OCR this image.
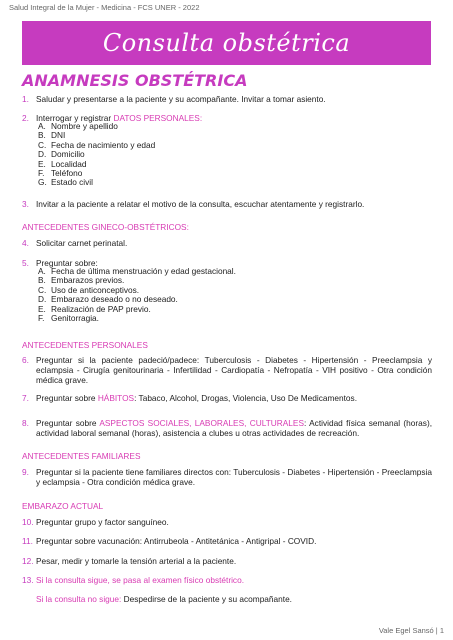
Salud Integral de la Mujer - Medicina - FCS UNER - 2022
Consulta obstétrica
ANAMNESIS OBSTÉTRICA
1. Saludar y presentarse a la paciente y su acompañante. Invitar a tomar asiento.
2. Interrogar y registrar DATOS PERSONALES:
A. Nombre y apellido
B. DNI
C. Fecha de nacimiento y edad
D. Domicilio
E. Localidad
F. Teléfono
G. Estado civil
3. Invitar a la paciente a relatar el motivo de la consulta, escuchar atentamente y registrarlo.
ANTECEDENTES GINECO-OBSTÉTRICOS:
4. Solicitar carnet perinatal.
5. Preguntar sobre:
A. Fecha de última menstruación y edad gestacional.
B. Embarazos previos.
C. Uso de anticonceptivos.
D. Embarazo deseado o no deseado.
E. Realización de PAP previo.
F. Genitorragia.
ANTECEDENTES PERSONALES
6. Preguntar si la paciente padeció/padece: Tuberculosis - Diabetes - Hipertensión - Preeclampsia y eclampsia - Cirugía genitourinaria - Infertilidad - Cardiopatía - Nefropatía - VIH positivo - Otra condición médica grave.
7. Preguntar sobre HÁBITOS: Tabaco, Alcohol, Drogas, Violencia, Uso De Medicamentos.
8. Preguntar sobre ASPECTOS SOCIALES, LABORALES, CULTURALES: Actividad física semanal (horas), actividad laboral semanal (horas), asistencia a clubes u otras actividades de recreación.
ANTECEDENTES FAMILIARES
9. Preguntar si la paciente tiene familiares directos con: Tuberculosis - Diabetes - Hipertensión - Preeclampsia y eclampsia - Otra condición médica grave.
EMBARAZO ACTUAL
10. Preguntar grupo y factor sanguíneo.
11. Preguntar sobre vacunación: Antirrubeola - Antitetánica - Antigripal - COVID.
12. Pesar, medir y tomarle la tensión arterial a la paciente.
13. Si la consulta sigue, se pasa al examen físico obstétrico.
Si la consulta no sigue: Despedirse de la paciente y su acompañante.
Vale Egel Sansó | 1
